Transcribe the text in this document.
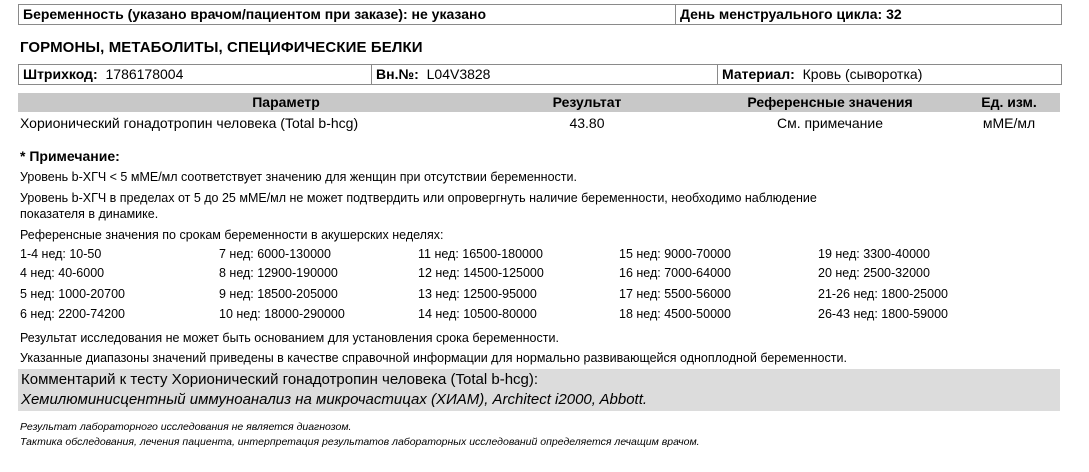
Беременность (указано врачом/пациентом при заказе): не указано	День менструального цикла: 32
ГОРМОНЫ, МЕТАБОЛИТЫ, СПЕЦИФИЧЕСКИЕ БЕЛКИ
Штрихкод: 1786178004	Вн.№: L04V3828	Материал: Кровь (сыворотка)
Параметр	Результат	Референсные значения	Ед. изм.
Хорионический гонадотропин человека (Total b-hcg)	43.80	См. примечание	мМЕ/мл
* Примечание:
Уровень b-ХГЧ < 5 мМЕ/мл соответствует значению для женщин при отсутствии беременности.
Уровень b-ХГЧ в пределах от 5 до 25 мМЕ/мл не может подтвердить или опровергнуть наличие беременности, необходимо наблюдение
показателя в динамике.
Референсные значения по срокам беременности в акушерских неделях:
1-4 нед: 10-50	7 нед: 6000-130000	11 нед: 16500-180000	15 нед: 9000-70000	19 нед: 3300-40000
4 нед: 40-6000	8 нед: 12900-190000	12 нед: 14500-125000	16 нед: 7000-64000	20 нед: 2500-32000
5 нед: 1000-20700	9 нед: 18500-205000	13 нед: 12500-95000	17 нед: 5500-56000	21-26 нед: 1800-25000
6 нед: 2200-74200	10 нед: 18000-290000	14 нед: 10500-80000	18 нед: 4500-50000	26-43 нед: 1800-59000
Результат исследования не может быть основанием для установления срока беременности.
Указанные диапазоны значений приведены в качестве справочной информации для нормально развивающейся одноплодной беременности.
Комментарий к тесту Хорионический гонадотропин человека (Total b-hcg):
Хемилюминисцентный иммуноанализ на микрочастицах (ХИАМ), Architect i2000, Abbott.
Результат лабораторного исследования не является диагнозом.
Тактика обследования, лечения пациента, интерпретация результатов лабораторных исследований определяется лечащим врачом.
